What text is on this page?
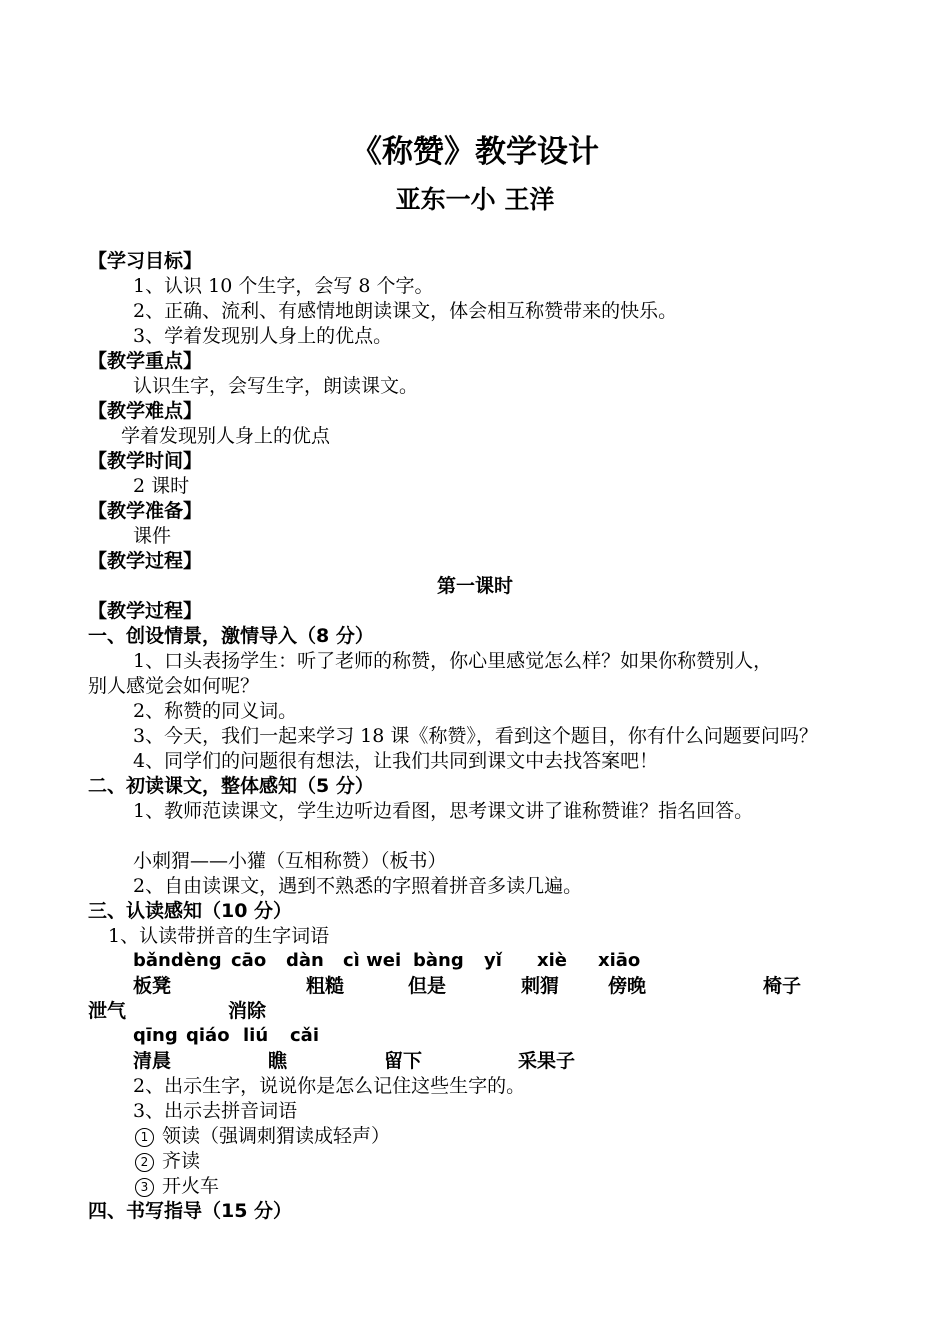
《称赞》教学设计
亚东一小 王洋
【学习目标】
1、认识 10 个生字，会写 8 个字。
2、正确、流利、有感情地朗读课文，体会相互称赞带来的快乐。
3、学着发现别人身上的优点。
【教学重点】
认识生字，会写生字，朗读课文。
【教学难点】
学着发现别人身上的优点
【教学时间】
2 课时
【教学准备】
课件
【教学过程】
第一课时
【教学过程】
一、创设情景，激情导入（8 分）
1、口头表扬学生：听了老师的称赞，你心里感觉怎么样？如果你称赞别人，
别人感觉会如何呢？
2、称赞的同义词。
3、今天，我们一起来学习 18 课《称赞》，看到这个题目，你有什么问题要问吗？
4、同学们的问题很有想法，让我们共同到课文中去找答案吧！
二、初读课文，整体感知（5 分）
1、教师范读课文，学生边听边看图，思考课文讲了谁称赞谁？指名回答。
小刺猬——小獾（互相称赞）（板书）
2、自由读课文，遇到不熟悉的字照着拼音多读几遍。
三、认读感知（10 分）
1、认读带拼音的生字词语
bǎndèng cāo dàn cì wei bàng yǐ xiè xiāo
板凳	粗糙	但是	刺猬	傍晚	椅子
泄气	消除
qīng qiáo liú cǎi
清晨	瞧	留下	采果子
2、出示生字，说说你是怎么记住这些生字的。
3、出示去拼音词语
1 领读（强调刺猬读成轻声）
2 齐读
3 开火车
四、书写指导（15 分）
